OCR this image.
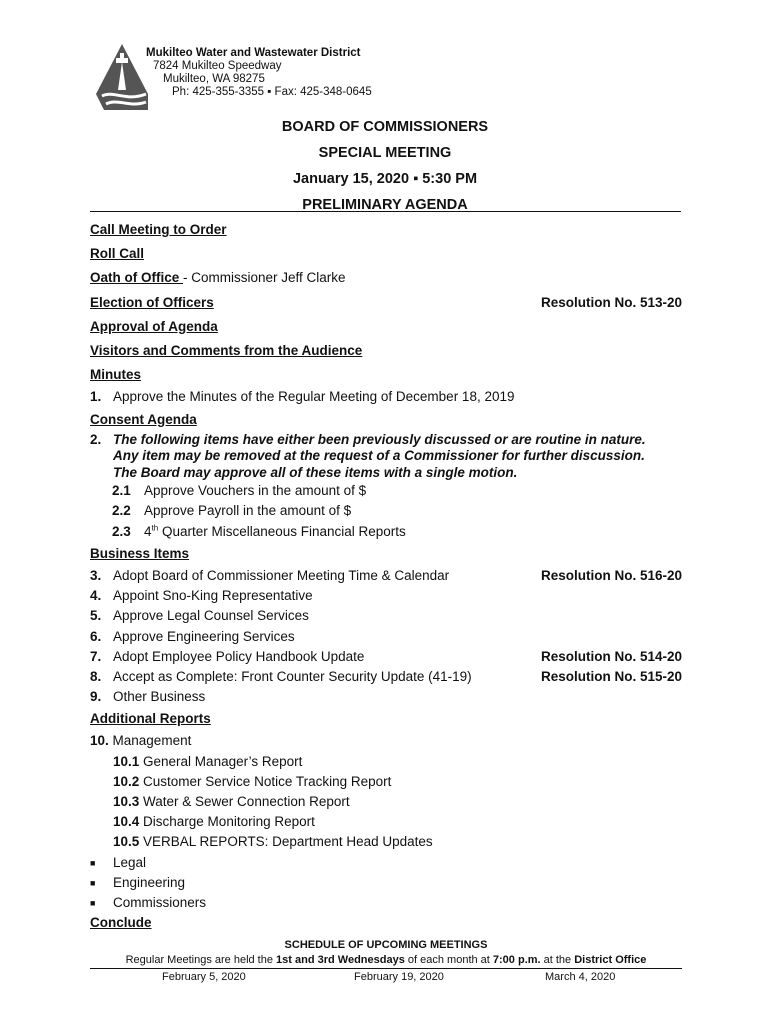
Mukilteo Water and Wastewater District
7824 Mukilteo Speedway
Mukilteo, WA 98275
Ph: 425-355-3355 ▪ Fax: 425-348-0645
BOARD OF COMMISSIONERS
SPECIAL MEETING
January 15, 2020 ▪ 5:30 PM
PRELIMINARY AGENDA
Call Meeting to Order
Roll Call
Oath of Office - Commissioner Jeff Clarke
Election of Officers	Resolution No. 513-20
Approval of Agenda
Visitors and Comments from the Audience
Minutes
1. Approve the Minutes of the Regular Meeting of December 18, 2019
Consent Agenda
2. The following items have either been previously discussed or are routine in nature.
Any item may be removed at the request of a Commissioner for further discussion.
The Board may approve all of these items with a single motion.
2.1 Approve Vouchers in the amount of $
2.2 Approve Payroll in the amount of $
2.3 4th Quarter Miscellaneous Financial Reports
Business Items
3. Adopt Board of Commissioner Meeting Time & Calendar	Resolution No. 516-20
4. Appoint Sno-King Representative
5. Approve Legal Counsel Services
6. Approve Engineering Services
7. Adopt Employee Policy Handbook Update	Resolution No. 514-20
8. Accept as Complete: Front Counter Security Update (41-19)	Resolution No. 515-20
9. Other Business
Additional Reports
10. Management
10.1 General Manager’s Report
10.2 Customer Service Notice Tracking Report
10.3 Water & Sewer Connection Report
10.4 Discharge Monitoring Report
10.5 VERBAL REPORTS: Department Head Updates
■ Legal
■ Engineering
■ Commissioners
Conclude
SCHEDULE OF UPCOMING MEETINGS
Regular Meetings are held the 1st and 3rd Wednesdays of each month at 7:00 p.m. at the District Office
February 5, 2020	February 19, 2020	March 4, 2020
